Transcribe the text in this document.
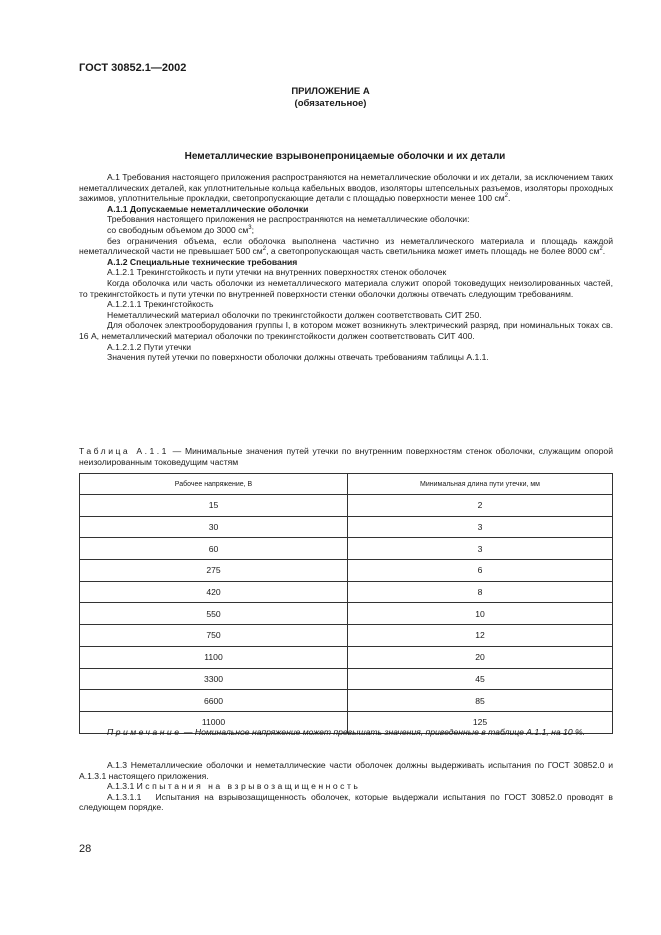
ГОСТ 30852.1—2002
ПРИЛОЖЕНИЕ А
(обязательное)
Неметаллические взрывонепроницаемые оболочки и их детали

А.1 Требования настоящего приложения распространяются на неметаллические оболочки и их детали, за исключением таких неметаллических деталей, как уплотнительные кольца кабельных вводов, изоляторы штепсельных разъемов, изоляторы проходных зажимов, уплотнительные прокладки, светопропускающие детали с площадью поверхности менее 100 $см^2$.

А.1.1 Допускаемые неметаллические оболочки

Требования настоящего приложения не распространяются на неметаллические оболочки:

со свободным объемом до 3000 $см^3$;

без ограничения объема, если оболочка выполнена частично из неметаллического материала и площадь каждой неметаллической части не превышает 500 $см^2$, а светопропускающая часть светильника может иметь площадь не более 8000 $см^2$.

А.1.2 Специальные технические требования

А.1.2.1 Трекингстойкость и пути утечки на внутренних поверхностях стенок оболочек

Когда оболочка или часть оболочки из неметаллического материала служит опорой токоведущих неизолированных частей, то трекингстойкость и пути утечки по внутренней поверхности стенки оболочки должны отвечать следующим требованиям.

А.1.2.1.1 Трекингстойкость

Неметаллический материал оболочки по трекингстойкости должен соответствовать СИТ 250.

Для оболочек электрооборудования группы I, в котором может возникнуть электрический разряд, при номинальных токах св. 16 А, неметаллический материал оболочки по трекингстойкости должен соответствовать СИТ 400.

А.1.2.1.2 Пути утечки

Значения путей утечки по поверхности оболочки должны отвечать требованиям таблицы А.1.1.

Таблица А.1.1 — Минимальные значения путей утечки по внутренним поверхностям стенок оболочки, служащим опорой неизолированным токоведущим частям
Рабочее напряжение, В	Минимальная длина пути утечки, мм
15	2
30	3
60	3
275	6
420	8
550	10
750	12
1100	20
3300	45
6600	85
11000	125
Примечание — Номинальное напряжение может превышать значения, приведенные в таблице А.1.1, на 10 %.

А.1.3 Неметаллические оболочки и неметаллические части оболочек должны выдерживать испытания по ГОСТ 30852.0 и А.1.3.1 настоящего приложения.

А.1.3.1 Испытания на взрывозащищенность

А.1.3.1.1 Испытания на взрывозащищенность оболочек, которые выдержали испытания по ГОСТ 30852.0 проводят в следующем порядке.

28
